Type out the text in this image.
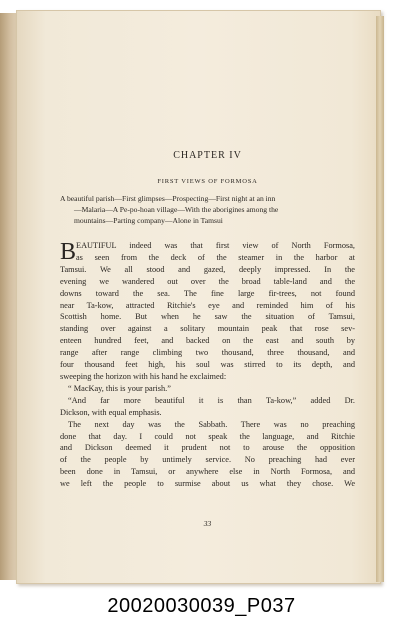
CHAPTER IV
FIRST VIEWS OF FORMOSA
A beautiful parish—First glimpses—Prospecting—First night at an inn
—Malaria—A Pe-po-hoan village—With the aborigines among the
mountains—Parting company—Alone in Tamsui
B EAUTIFUL indeed was that first view of North Formosa,
as seen from the deck of the steamer in the harbor at
Tamsui. We all stood and gazed, deeply impressed. In the
evening we wandered out over the broad table-land and the
downs toward the sea. The fine large fir-trees, not found
near Ta-kow, attracted Ritchie's eye and reminded him of his
Scottish home. But when he saw the situation of Tamsui,
standing over against a solitary mountain peak that rose sev-
enteen hundred feet, and backed on the east and south by
range after range climbing two thousand, three thousand, and
four thousand feet high, his soul was stirred to its depth, and
sweeping the horizon with his hand he exclaimed:
“ MacKay, this is your parish.”
“And far more beautiful it is than Ta-kow,” added Dr.
Dickson, with equal emphasis.
The next day was the Sabbath. There was no preaching
done that day. I could not speak the language, and Ritchie
and Dickson deemed it prudent not to arouse the opposition
of the people by untimely service. No preaching had ever
been done in Tamsui, or anywhere else in North Formosa, and
we left the people to surmise about us what they chose. We
33
20020030039_P037
